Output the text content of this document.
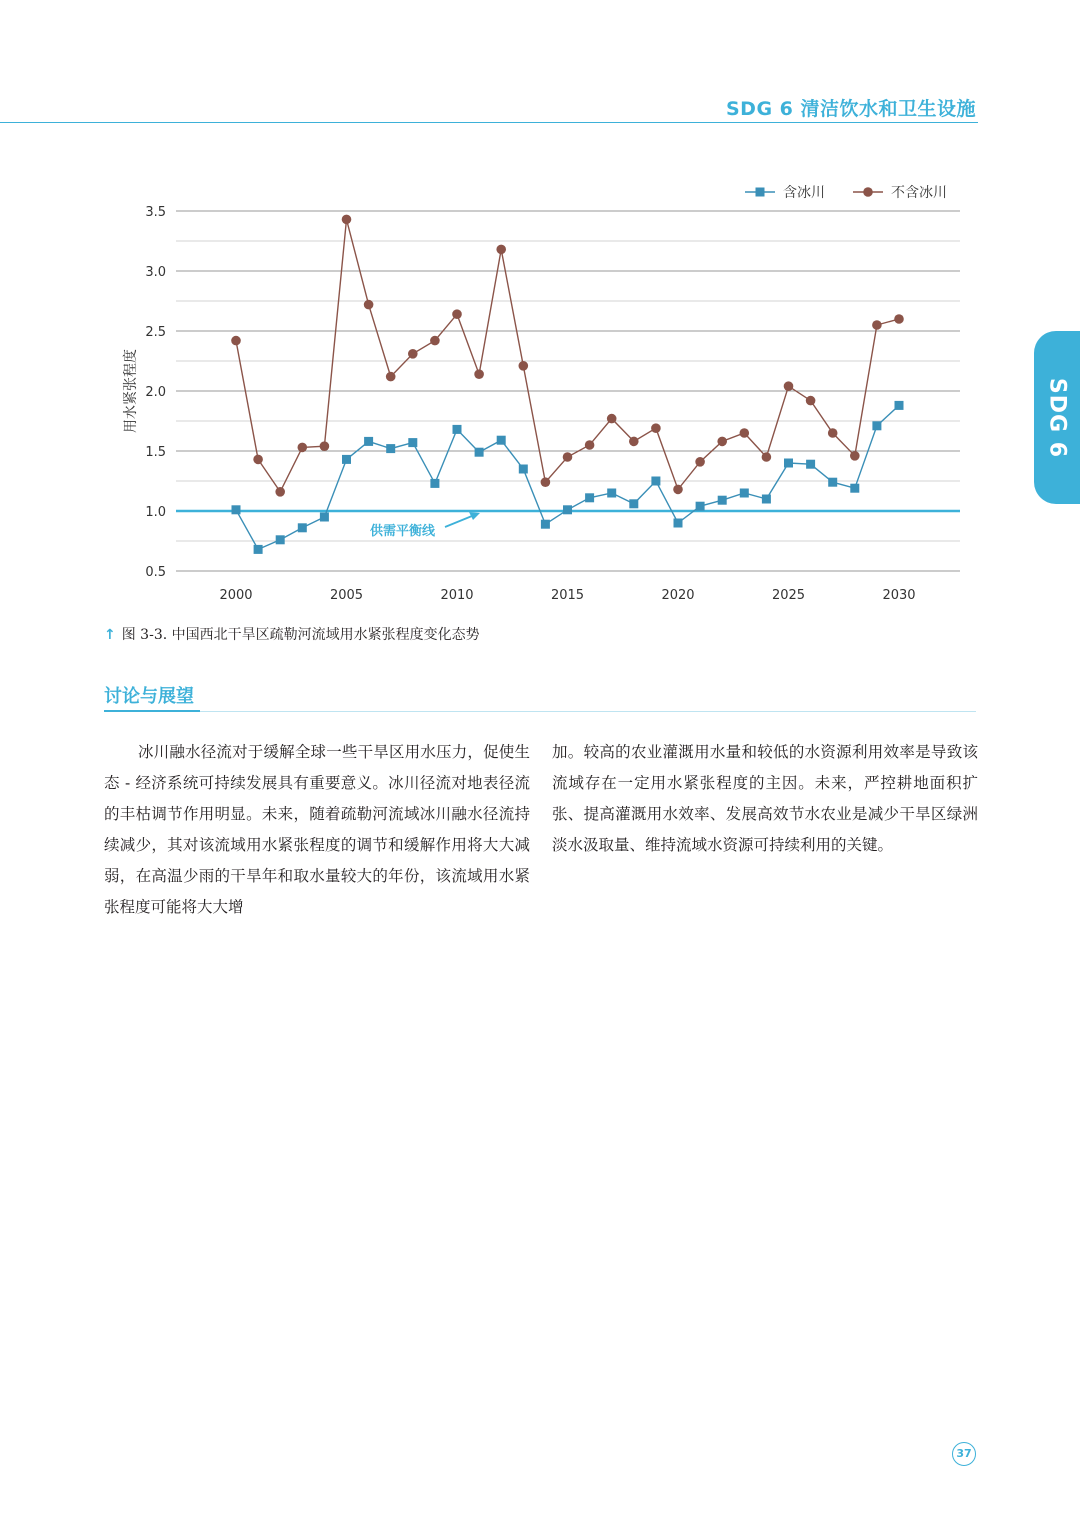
SDG 6 清洁饮水和卫生设施
SDG 6
0.5
1.0
1.5
2.0
2.5
3.0
3.5
2000	2005	2010	2015	2020	2025	2030
用水紧张程度
供需平衡线
含冰川	不含冰川
↑ 图 3-3. 中国西北干旱区疏勒河流域用水紧张程度变化态势
讨论与展望
冰川融水径流对于缓解全球一些干旱区用水压力，促使生态 - 经济系统可持续发展具有重要意义。冰川径流对地表径流的丰枯调节作用明显。未来，随着疏勒河流域冰川融水径流持续减少，其对该流域用水紧张程度的调节和缓解作用将大大减弱，在高温少雨的干旱年和取水量较大的年份，该流域用水紧张程度可能将大大增
加。较高的农业灌溉用水量和较低的水资源利用效率是导致该流域存在一定用水紧张程度的主因。未来，严控耕地面积扩张、提高灌溉用水效率、发展高效节水农业是减少干旱区绿洲淡水汲取量、维持流域水资源可持续利用的关键。
37
